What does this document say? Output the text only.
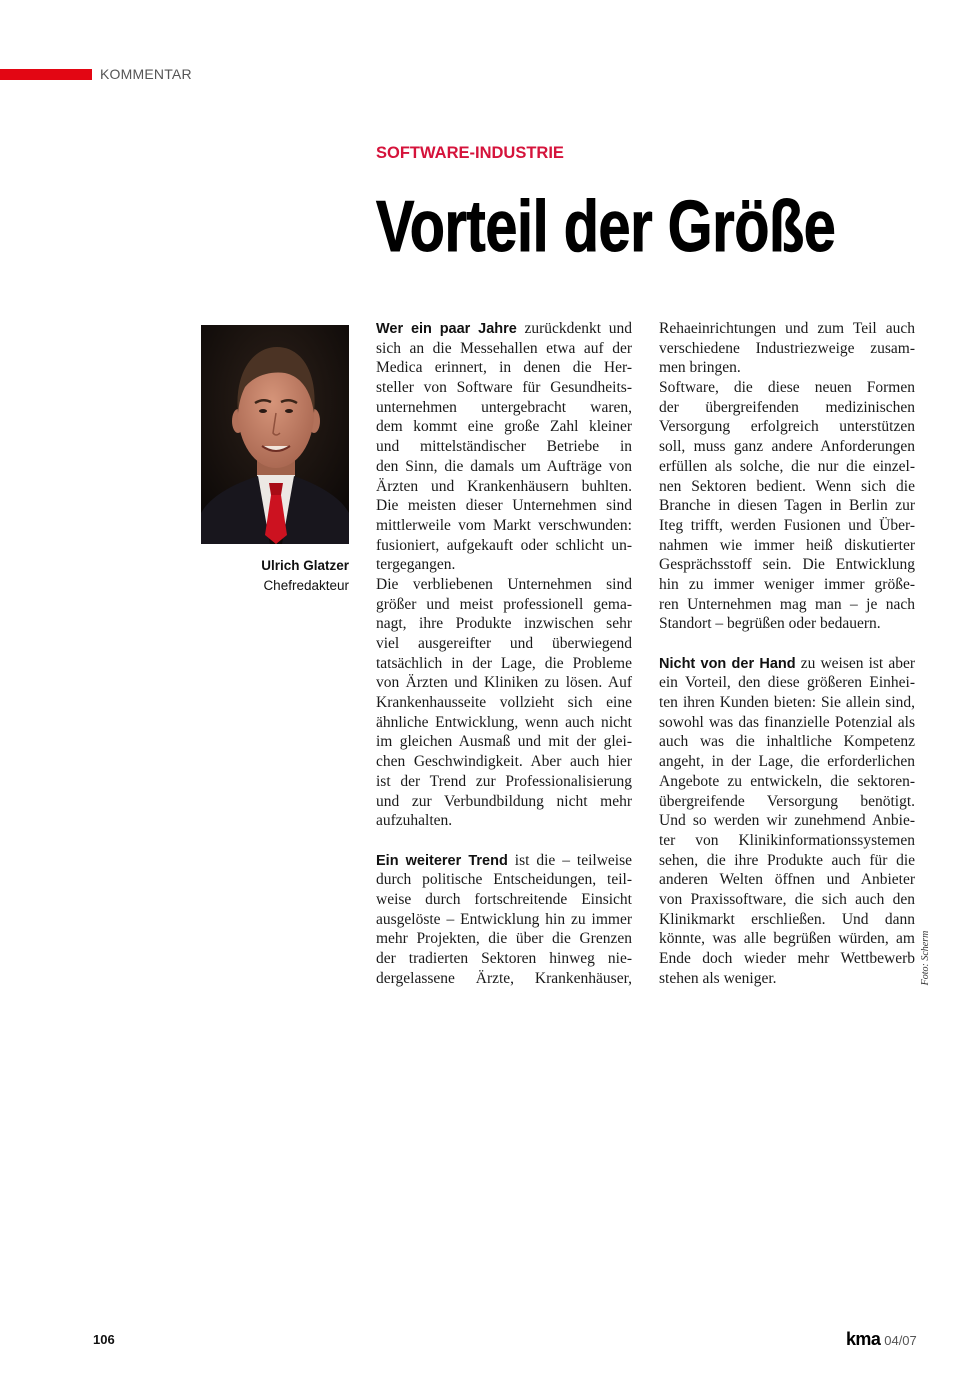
KOMMENTAR
SOFTWARE-INDUSTRIE
Vorteil der Größe
Ulrich Glatzer
Chefredakteur
Wer ein paar Jahre zurückdenkt und
sich an die Messehallen etwa auf der
Medica erinnert, in denen die Her-
steller von Software für Gesundheits-
unternehmen untergebracht waren,
dem kommt eine große Zahl kleiner
und mittelständischer Betriebe in
den Sinn, die damals um Aufträge von
Ärzten und Krankenhäusern buhlten.
Die meisten dieser Unternehmen sind
mittlerweile vom Markt verschwunden:
fusioniert, aufgekauft oder schlicht un-
tergegangen.
Die verbliebenen Unternehmen sind
größer und meist professionell gema-
nagt, ihre Produkte inzwischen sehr
viel ausgereifter und überwiegend
tatsächlich in der Lage, die Probleme
von Ärzten und Kliniken zu lösen. Auf
Krankenhausseite vollzieht sich eine
ähnliche Entwicklung, wenn auch nicht
im gleichen Ausmaß und mit der glei-
chen Geschwindigkeit. Aber auch hier
ist der Trend zur Professionalisierung
und zur Verbundbildung nicht mehr
aufzuhalten.
Ein weiterer Trend ist die – teilweise
durch politische Entscheidungen, teil-
weise durch fortschreitende Einsicht
ausgelöste – Entwicklung hin zu immer
mehr Projekten, die über die Grenzen
der tradierten Sektoren hinweg nie-
dergelassene Ärzte, Krankenhäuser,
Rehaeinrichtungen und zum Teil auch
verschiedene Industriezweige zusam-
men bringen.
Software, die diese neuen Formen
der übergreifenden medizinischen
Versorgung erfolgreich unterstützen
soll, muss ganz andere Anforderungen
erfüllen als solche, die nur die einzel-
nen Sektoren bedient. Wenn sich die
Branche in diesen Tagen in Berlin zur
Iteg trifft, werden Fusionen und Über-
nahmen wie immer heiß diskutierter
Gesprächsstoff sein. Die Entwicklung
hin zu immer weniger immer größe-
ren Unternehmen mag man – je nach
Standort – begrüßen oder bedauern.
Nicht von der Hand zu weisen ist aber
ein Vorteil, den diese größeren Einhei-
ten ihren Kunden bieten: Sie allein sind,
sowohl was das finanzielle Potenzial als
auch was die inhaltliche Kompetenz
angeht, in der Lage, die erforderlichen
Angebote zu entwickeln, die sektoren-
übergreifende Versorgung benötigt.
Und so werden wir zunehmend Anbie-
ter von Klinikinformationssystemen
sehen, die ihre Produkte auch für die
anderen Welten öffnen und Anbieter
von Praxissoftware, die sich auch den
Klinikmarkt erschließen. Und dann
könnte, was alle begrüßen würden, am
Ende doch wieder mehr Wettbewerb
stehen als weniger.	Foto: Scherm
106	kma 04/07
